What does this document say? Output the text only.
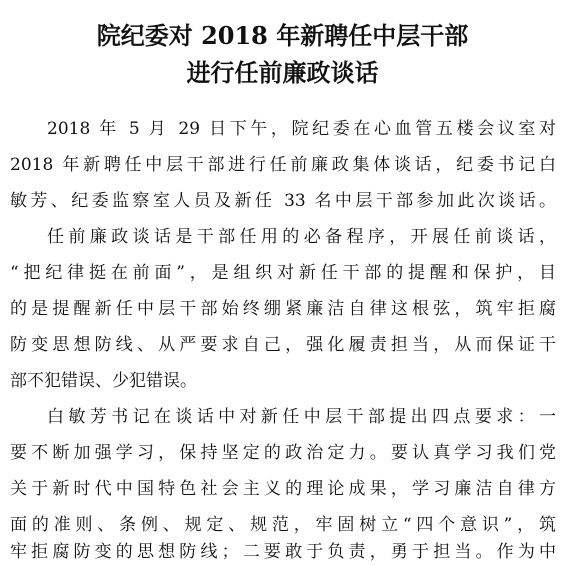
院纪委对 2018 年新聘任中层干部
进行任前廉政谈话
2018 年 5 月 29 日下午，院纪委在心血管五楼会议室对
2018 年新聘任中层干部进行任前廉政集体谈话，纪委书记白
敏芳、纪委监察室人员及新任 33 名中层干部参加此次谈话。
任前廉政谈话是干部任用的必备程序，开展任前谈话，
“把纪律挺在前面”，是组织对新任干部的提醒和保护，目
的是提醒新任中层干部始终绷紧廉洁自律这根弦，筑牢拒腐
防变思想防线、从严要求自己，强化履责担当，从而保证干
部不犯错误、少犯错误。
白敏芳书记在谈话中对新任中层干部提出四点要求：一
要不断加强学习，保持坚定的政治定力。要认真学习我们党
关于新时代中国特色社会主义的理论成果，学习廉洁自律方
面的准则、条例、规定、规范，牢固树立“四个意识”，筑
牢拒腐防变的思想防线；二要敢于负责，勇于担当。作为中
